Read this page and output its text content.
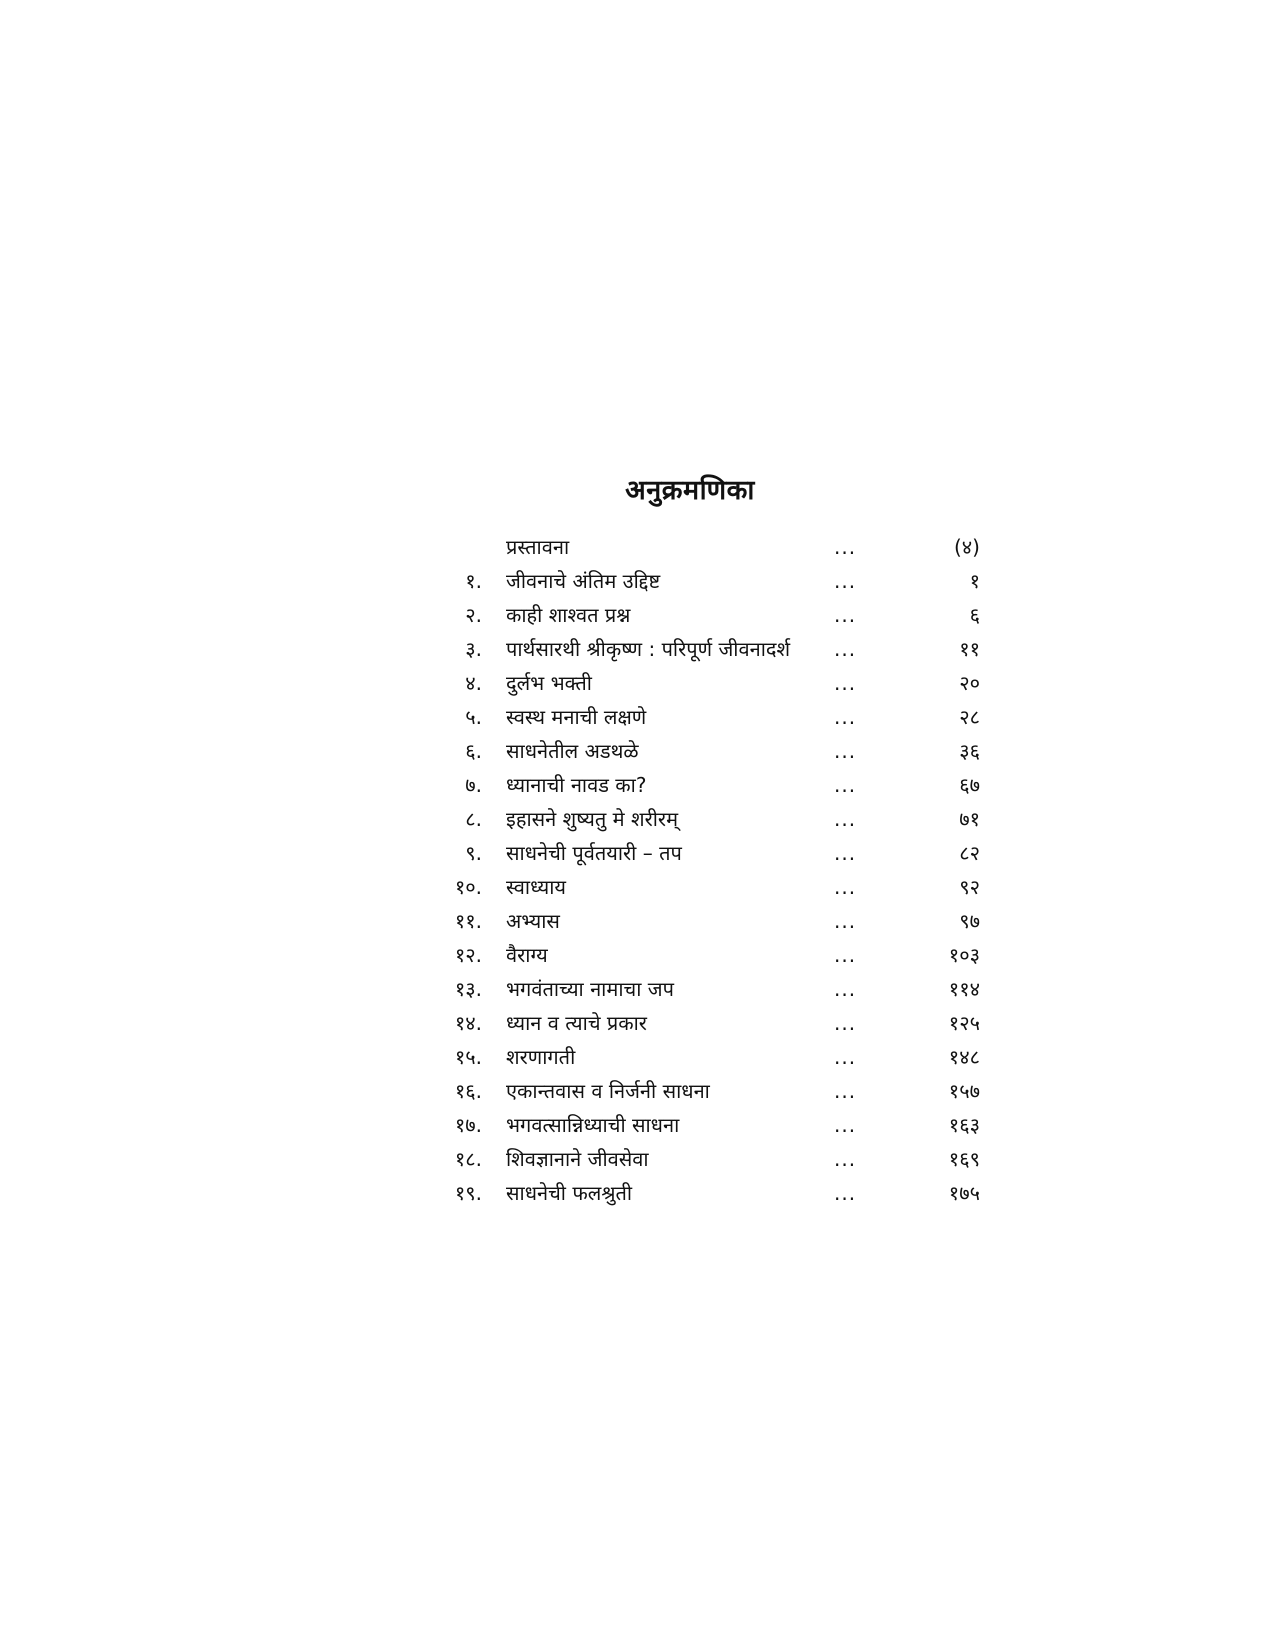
अनुक्रमणिका
प्रस्तावना	...	(४)
१. जीवनाचे अंतिम उद्दिष्ट	...	१
२. काही शाश्वत प्रश्न	...	६
३. पार्थसारथी श्रीकृष्ण : परिपूर्ण जीवनादर्श ...	११
४. दुर्लभ भक्ती	...	२०
५. स्वस्थ मनाची लक्षणे	...	२८
६. साधनेतील अडथळे	...	३६
७. ध्यानाची नावड का?	...	६७
८. इहासने शुष्यतु मे शरीरम्	...	७१
९. साधनेची पूर्वतयारी – तप	...	८२
१०. स्वाध्याय	...	९२
११. अभ्यास	...	९७
१२. वैराग्य	...	१०३
१३. भगवंताच्या नामाचा जप	...	११४
१४. ध्यान व त्याचे प्रकार	...	१२५
१५. शरणागती	...	१४८
१६. एकान्तवास व निर्जनी साधना	...	१५७
१७. भगवत्सान्निध्याची साधना	...	१६३
१८. शिवज्ञानाने जीवसेवा	...	१६९
१९. साधनेची फलश्रुती	...	१७५
